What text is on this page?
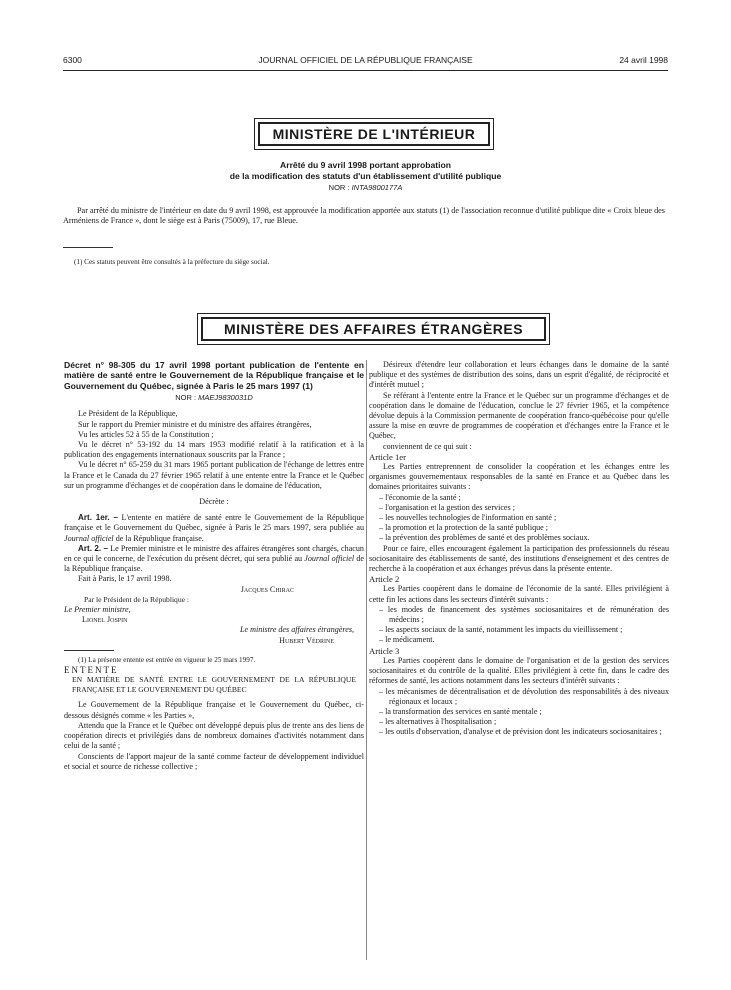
6300	JOURNAL OFFICIEL DE LA RÉPUBLIQUE FRANÇAISE	24 avril 1998
MINISTÈRE DE L'INTÉRIEUR
Arrêté du 9 avril 1998 portant approbation
de la modification des statuts d'un établissement d'utilité publique
NOR : INTA9800177A
Par arrêté du ministre de l'intérieur en date du 9 avril 1998, est approuvée la modification apportée aux statuts (1) de l'association reconnue d'utilité publique dite « Croix bleue des Arméniens de France », dont le siège est à Paris (75009), 17, rue Bleue.
(1) Ces statuts peuvent être consultés à la préfecture du siège social.
MINISTÈRE DES AFFAIRES ÉTRANGÈRES

Décret n° 98-305 du 17 avril 1998 portant publication de l'entente en matière de santé entre le Gouvernement de la République française et le Gouvernement du Québec, signée à Paris le 25 mars 1997 (1)

NOR : MAEJ9830031D

Le Président de la République,

Sur le rapport du Premier ministre et du ministre des affaires étrangères,

Vu les articles 52 à 55 de la Constitution ;

Vu le décret n° 53-192 du 14 mars 1953 modifié relatif à la ratification et à la publication des engagements internationaux souscrits par la France ;

Vu le décret n° 65-259 du 31 mars 1965 portant publication de l'échange de lettres entre la France et le Canada du 27 février 1965 relatif à une entente entre la France et le Québec sur un programme d'échanges et de coopération dans le domaine de l'éducation,

Décrète :

Art. 1er. – L'entente en matière de santé entre le Gouvernement de la République française et le Gouvernement du Québec, signée à Paris le 25 mars 1997, sera publiée au Journal officiel de la République française.

Art. 2. – Le Premier ministre et le ministre des affaires étrangères sont chargés, chacun en ce qui le concerne, de l'exécution du présent décret, qui sera publié au Journal officiel de la République française.

Fait à Paris, le 17 avril 1998.

Jacques Chirac

Par le Président de la République :

Le Premier ministre,

Lionel Jospin

Le ministre des affaires étrangères,

Hubert Védrine

(1) La présente entente est entrée en vigueur le 25 mars 1997.

ENTENTE

EN MATIÈRE DE SANTÉ ENTRE LE GOUVERNEMENT DE LA RÉPUBLIQUE FRANÇAISE ET LE GOUVERNEMENT DU QUÉBEC

Le Gouvernement de la République française et le Gouvernement du Québec, ci-dessous désignés comme « les Parties »,

Attendu que la France et le Québec ont développé depuis plus de trente ans des liens de coopération directs et privilégiés dans de nombreux domaines d'activités notamment dans celui de la santé ;

Conscients de l'apport majeur de la santé comme facteur de développement individuel et social et source de richesse collective ;

Désireux d'étendre leur collaboration et leurs échanges dans le domaine de la santé publique et des systèmes de distribution des soins, dans un esprit d'égalité, de réciprocité et d'intérêt mutuel ;

Se référant à l'entente entre la France et le Québec sur un programme d'échanges et de coopération dans le domaine de l'éducation, conclue le 27 février 1965, et la compétence dévolue depuis à la Commission permanente de coopération franco-québécoise pour qu'elle assure la mise en œuvre de programmes de coopération et d'échanges entre la France et le Québec,

conviennent de ce qui suit :

Article 1er

Les Parties entreprennent de consolider la coopération et les échanges entre les organismes gouvernementaux responsables de la santé en France et au Québec dans les domaines prioritaires suivants :

– l'économie de la santé ;

– l'organisation et la gestion des services ;

– les nouvelles technologies de l'information en santé ;

– la promotion et la protection de la santé publique ;

– la prévention des problèmes de santé et des problèmes sociaux.

Pour ce faire, elles encouragent également la participation des professionnels du réseau sociosanitaire des établissements de santé, des institutions d'enseignement et des centres de recherche à la coopération et aux échanges prévus dans la présente entente.

Article 2

Les Parties coopèrent dans le domaine de l'économie de la santé. Elles privilégient à cette fin les actions dans les secteurs d'intérêt suivants :

– les modes de financement des systèmes sociosanitaires et de rémunération des médecins ;

– les aspects sociaux de la santé, notamment les impacts du vieillissement ;

– le médicament.

Article 3

Les Parties coopèrent dans le domaine de l'organisation et de la gestion des services sociosanitaires et du contrôle de la qualité. Elles privilégient à cette fin, dans le cadre des réformes de santé, les actions notamment dans les secteurs d'intérêt suivants :

– les mécanismes de décentralisation et de dévolution des responsabilités à des niveaux régionaux et locaux ;

– la transformation des services en santé mentale ;

– les alternatives à l'hospitalisation ;

– les outils d'observation, d'analyse et de prévision dont les indicateurs sociosanitaires ;
